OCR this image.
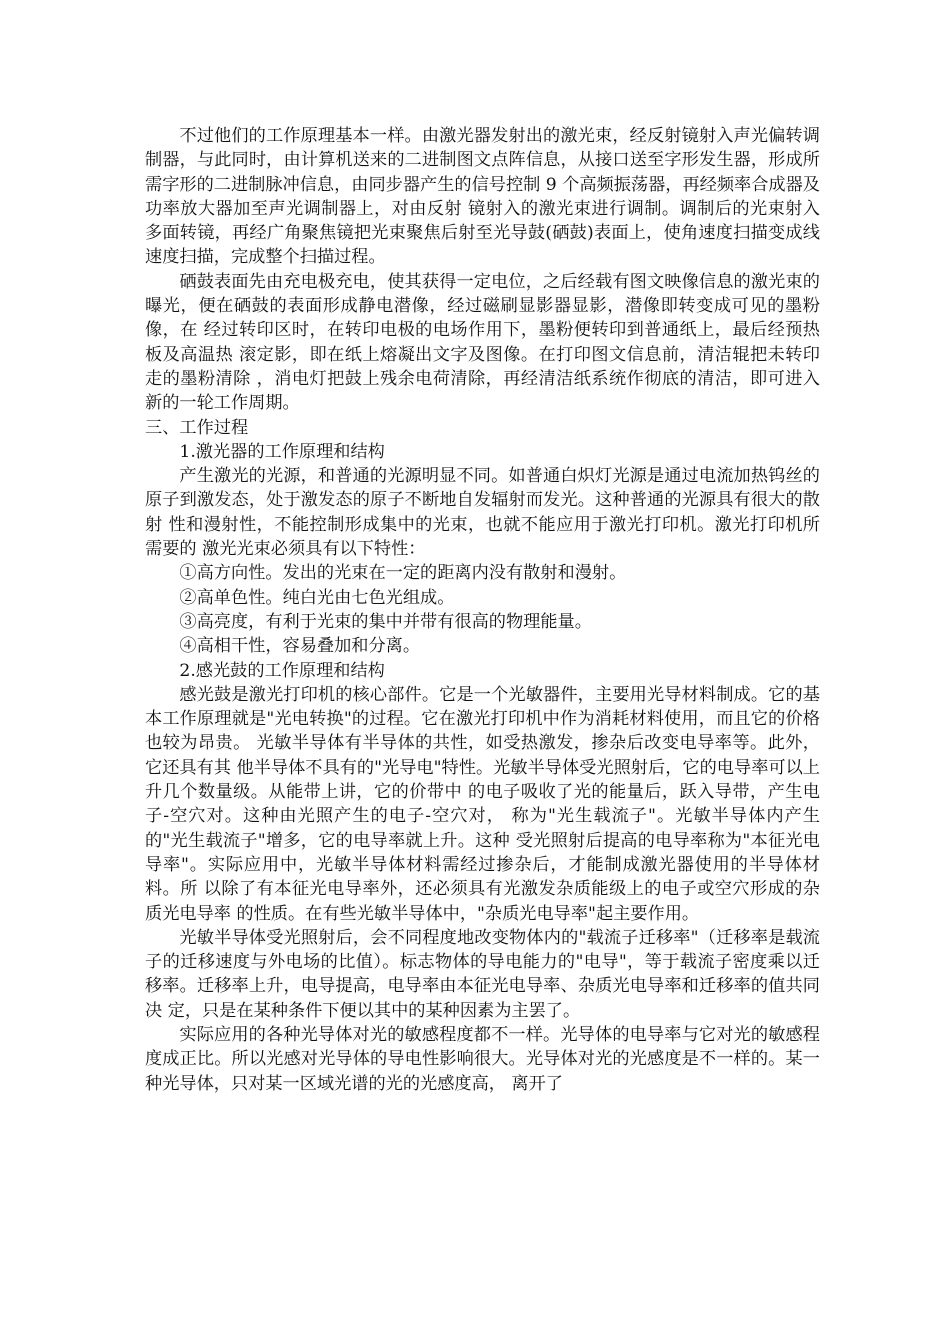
不过他们的工作原理基本一样。由激光器发射出的激光束，经反射镜射入声光偏转调制器，与此同时，由计算机送来的二进制图文点阵信息，从接口送至字形发生器，形成所需字形的二进制脉冲信息，由同步器产生的信号控制 9 个高频振荡器，再经频率合成器及功率放大器加至声光调制器上，对由反射 镜射入的激光束进行调制。调制后的光束射入多面转镜，再经广角聚焦镜把光束聚焦后射至光导鼓(硒鼓)表面上，使角速度扫描变成线速度扫描，完成整个扫描过程。

硒鼓表面先由充电极充电，使其获得一定电位，之后经载有图文映像信息的激光束的曝光，便在硒鼓的表面形成静电潜像，经过磁刷显影器显影，潜像即转变成可见的墨粉像，在 经过转印区时，在转印电极的电场作用下，墨粉便转印到普通纸上，最后经预热板及高温热 滚定影，即在纸上熔凝出文字及图像。在打印图文信息前，清洁辊把未转印走的墨粉清除 ，消电灯把鼓上残余电荷清除，再经清洁纸系统作彻底的清洁，即可进入新的一轮工作周期。

三、工作过程

1.激光器的工作原理和结构

产生激光的光源，和普通的光源明显不同。如普通白炽灯光源是通过电流加热钨丝的 原子到激发态，处于激发态的原子不断地自发辐射而发光。这种普通的光源具有很大的散射 性和漫射性，不能控制形成集中的光束，也就不能应用于激光打印机。激光打印机所需要的 激光光束必须具有以下特性：

①高方向性。发出的光束在一定的距离内没有散射和漫射。

②高单色性。纯白光由七色光组成。

③高亮度，有利于光束的集中并带有很高的物理能量。

④高相干性，容易叠加和分离。

2.感光鼓的工作原理和结构

感光鼓是激光打印机的核心部件。它是一个光敏器件，主要用光导材料制成。它的基本工作原理就是"光电转换"的过程。它在激光打印机中作为消耗材料使用，而且它的价格也较为昂贵。 光敏半导体有半导体的共性，如受热激发，掺杂后改变电导率等。此外，它还具有其 他半导体不具有的"光导电"特性。光敏半导体受光照射后，它的电导率可以上升几个数量级。从能带上讲，它的价带中 的电子吸收了光的能量后，跃入导带，产生电子-空穴对。这种由光照产生的电子-空穴对， 称为"光生载流子"。光敏半导体内产生的"光生载流子"增多，它的电导率就上升。这种 受光照射后提高的电导率称为"本征光电导率"。实际应用中，光敏半导体材料需经过掺杂后，才能制成激光器使用的半导体材料。所 以除了有本征光电导率外，还必须具有光激发杂质能级上的电子或空穴形成的杂质光电导率 的性质。在有些光敏半导体中，"杂质光电导率"起主要作用。

光敏半导体受光照射后，会不同程度地改变物体内的"载流子迁移率"（迁移率是载流 子的迁移速度与外电场的比值）。标志物体的导电能力的"电导"，等于载流子密度乘以迁 移率。迁移率上升，电导提高，电导率由本征光电导率、杂质光电导率和迁移率的值共同决 定，只是在某种条件下便以其中的某种因素为主罢了。

实际应用的各种光导体对光的敏感程度都不一样。光导体的电导率与它对光的敏感程 度成正比。所以光感对光导体的导电性影响很大。光导体对光的光感度是不一样的。某一种光导体，只对某一区域光谱的光的光感度高， 离开了
